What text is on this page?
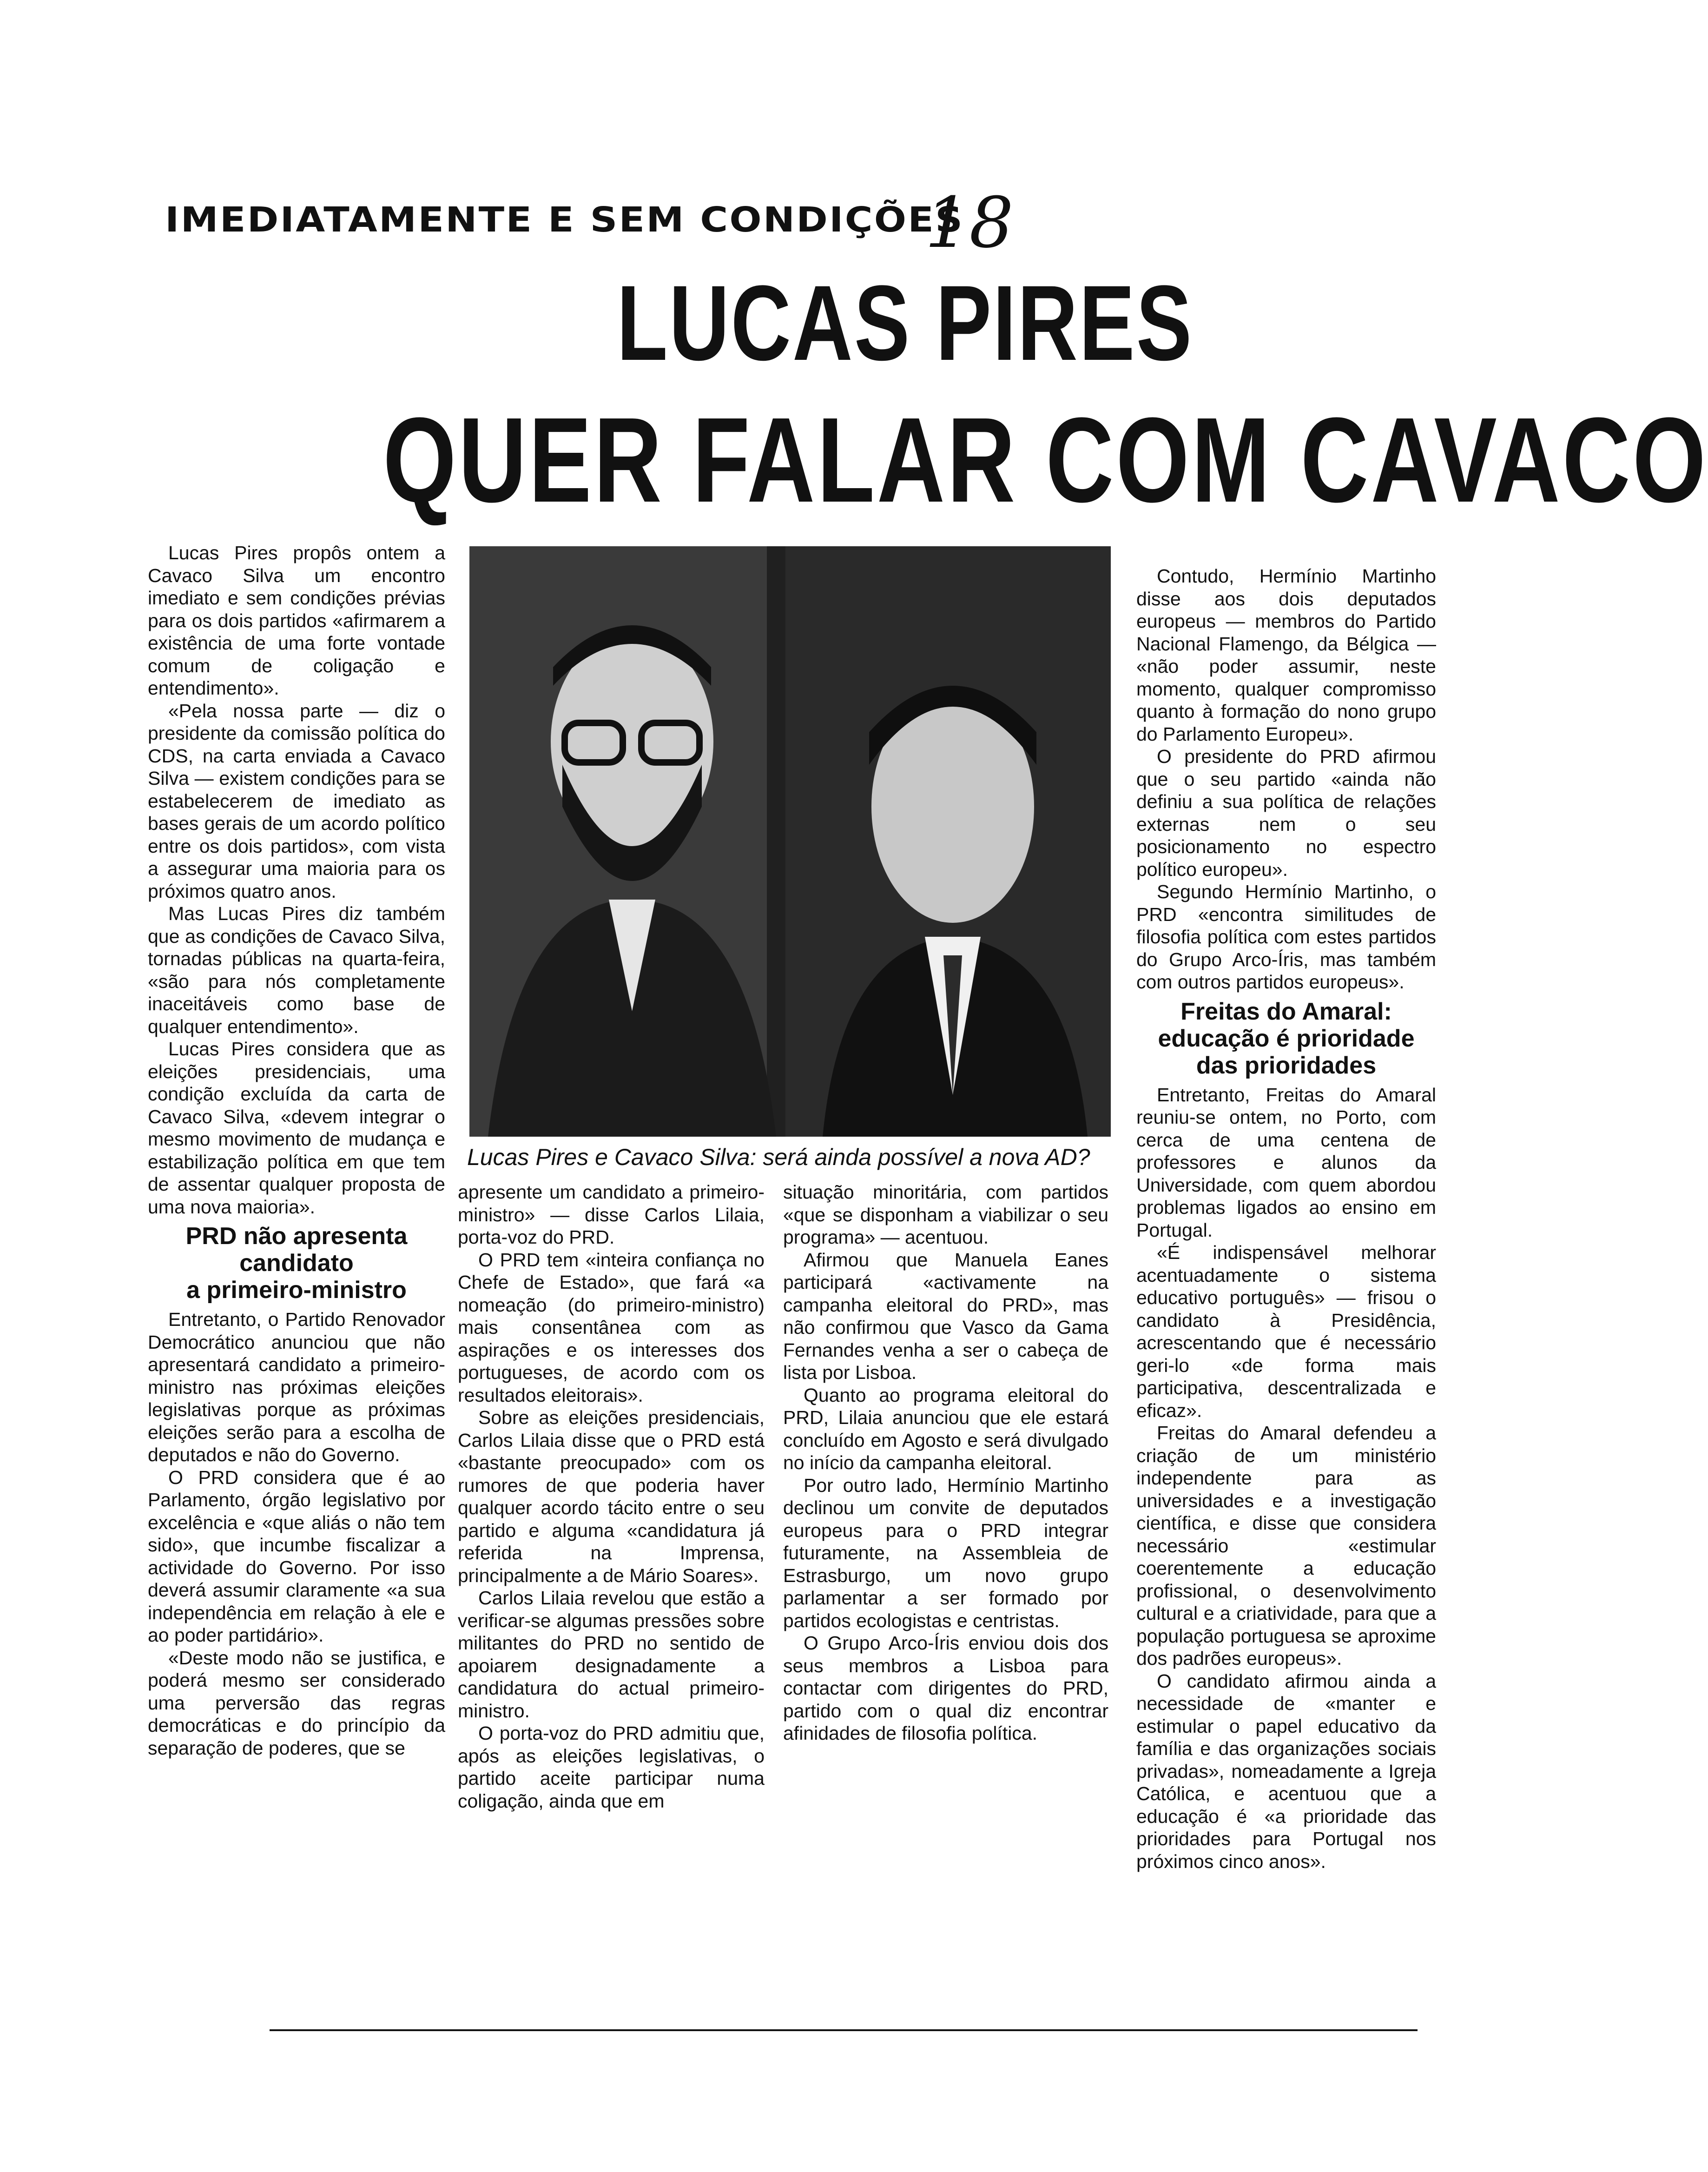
IMEDIATAMENTE E SEM CONDIÇÕES
18
LUCAS PIRES
QUER FALAR COM CAVACO

Lucas Pires propôs ontem a Cavaco Silva um encontro imediato e sem condições prévias para os dois partidos «afirmarem a existência de uma forte vontade comum de coligação e entendimento».

«Pela nossa parte — diz o presidente da comissão política do CDS, na carta enviada a Cavaco Silva — existem condições para se estabelecerem de imediato as bases gerais de um acordo político entre os dois partidos», com vista a assegurar uma maioria para os próximos quatro anos.

Mas Lucas Pires diz também que as condições de Cavaco Silva, tornadas públicas na quarta-feira, «são para nós completamente inaceitáveis como base de qualquer entendimento».

Lucas Pires considera que as eleições presidenciais, uma condição excluída da carta de Cavaco Silva, «devem integrar o mesmo movimento de mudança e estabilização política em que tem de assentar qualquer proposta de uma nova maioria».

PRD não apresenta
candidato
a primeiro-ministro

Entretanto, o Partido Renovador Democrático anunciou que não apresentará candidato a primeiro-ministro nas próximas eleições legislativas porque as próximas eleições serão para a escolha de deputados e não do Governo.

O PRD considera que é ao Parlamento, órgão legislativo por excelência e «que aliás o não tem sido», que incumbe fiscalizar a actividade do Governo. Por isso deverá assumir claramente «a sua independência em relação à ele e ao poder partidário».

«Deste modo não se justifica, e poderá mesmo ser considerado uma perversão das regras democráticas e do princípio da separação de poderes, que se

Lucas Pires e Cavaco Silva: será ainda possível a nova AD?

apresente um candidato a primeiro-ministro» — disse Carlos Lilaia, porta-voz do PRD.

O PRD tem «inteira confiança no Chefe de Estado», que fará «a nomeação (do primeiro-ministro) mais consentânea com as aspirações e os interesses dos portugueses, de acordo com os resultados eleitorais».

Sobre as eleições presidenciais, Carlos Lilaia disse que o PRD está «bastante preocupado» com os rumores de que poderia haver qualquer acordo tácito entre o seu partido e alguma «candidatura já referida na Imprensa, principalmente a de Mário Soares».

Carlos Lilaia revelou que estão a verificar-se algumas pressões sobre militantes do PRD no sentido de apoiarem designadamente a candidatura do actual primeiro-ministro.

O porta-voz do PRD admitiu que, após as eleições legislativas, o partido aceite participar numa coligação, ainda que em

situação minoritária, com partidos «que se disponham a viabilizar o seu programa» — acentuou.

Afirmou que Manuela Eanes participará «activamente na campanha eleitoral do PRD», mas não confirmou que Vasco da Gama Fernandes venha a ser o cabeça de lista por Lisboa.

Quanto ao programa eleitoral do PRD, Lilaia anunciou que ele estará concluído em Agosto e será divulgado no início da campanha eleitoral.

Por outro lado, Hermínio Martinho declinou um convite de deputados europeus para o PRD integrar futuramente, na Assembleia de Estrasburgo, um novo grupo parlamentar a ser formado por partidos ecologistas e centristas.

O Grupo Arco-Íris enviou dois dos seus membros a Lisboa para contactar com dirigentes do PRD, partido com o qual diz encontrar afinidades de filosofia política.

Contudo, Hermínio Martinho disse aos dois deputados europeus — membros do Partido Nacional Flamengo, da Bélgica — «não poder assumir, neste momento, qualquer compromisso quanto à formação do nono grupo do Parlamento Europeu».

O presidente do PRD afirmou que o seu partido «ainda não definiu a sua política de relações externas nem o seu posicionamento no espectro político europeu».

Segundo Hermínio Martinho, o PRD «encontra similitudes de filosofia política com estes partidos do Grupo Arco-Íris, mas também com outros partidos europeus».

Freitas do Amaral:
educação é prioridade
das prioridades

Entretanto, Freitas do Amaral reuniu-se ontem, no Porto, com cerca de uma centena de professores e alunos da Universidade, com quem abordou problemas ligados ao ensino em Portugal.

«É indispensável melhorar acentuadamente o sistema educativo português» — frisou o candidato à Presidência, acrescentando que é necessário geri-lo «de forma mais participativa, descentralizada e eficaz».

Freitas do Amaral defendeu a criação de um ministério independente para as universidades e a investigação científica, e disse que considera necessário «estimular coerentemente a educação profissional, o desenvolvimento cultural e a criatividade, para que a população portuguesa se aproxime dos padrões europeus».

O candidato afirmou ainda a necessidade de «manter e estimular o papel educativo da família e das organizações sociais privadas», nomeadamente a Igreja Católica, e acentuou que a educação é «a prioridade das prioridades para Portugal nos próximos cinco anos».
